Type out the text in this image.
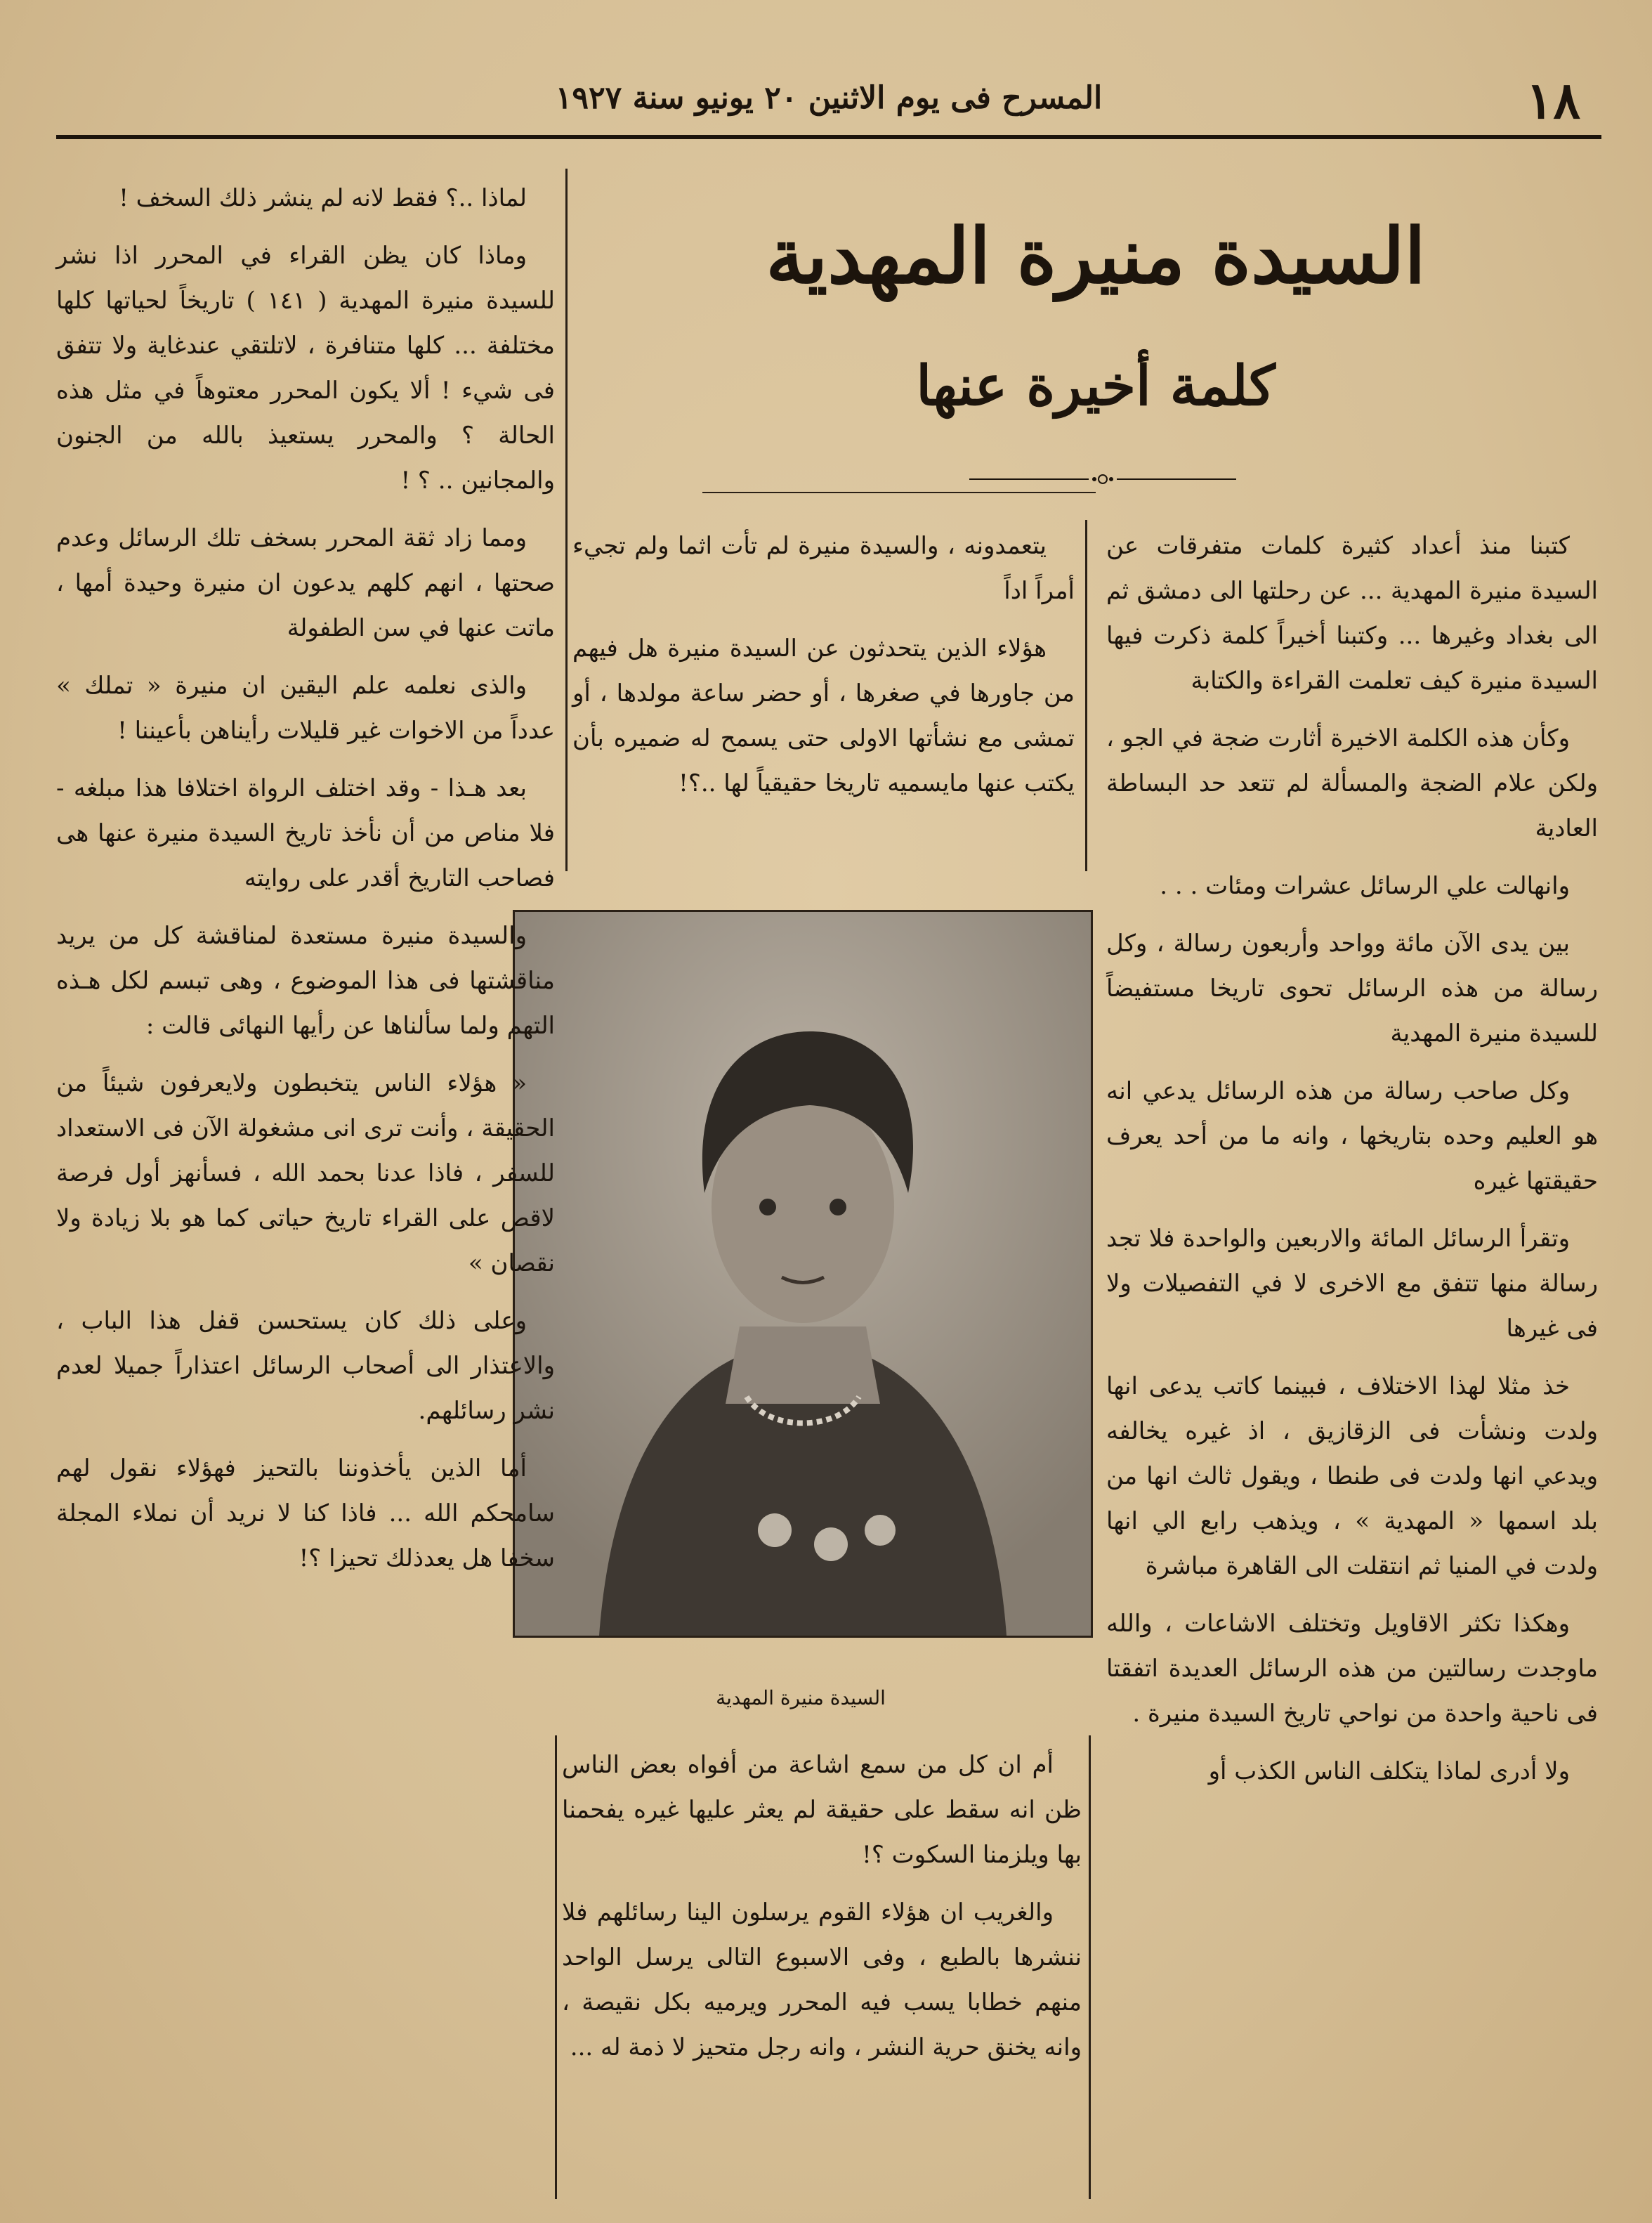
١٨
المسرح فى يوم الاثنين ٢٠ يونيو سنة ١٩٢٧
السيدة منيرة المهدية
كلمة أخيرة عنها

كتبنا منذ أعداد كثيرة كلمات متفرقات عن السيدة منيرة المهدية ... عن رحلتها الى دمشق ثم الى بغداد وغيرها ... وكتبنا أخيراً كلمة ذكرت فيها السيدة منيرة كيف تعلمت القراءة والكتابة

وكأن هذه الكلمة الاخيرة أثارت ضجة في الجو ، ولكن علام الضجة والمسألة لم تتعد حد البساطة العادية

وانهالت علي الرسائل عشرات ومئات . . .

بين يدى الآن مائة وواحد وأربعون رسالة ، وكل رسالة من هذه الرسائل تحوى تاريخا مستفيضاً للسيدة منيرة المهدية

وكل صاحب رسالة من هذه الرسائل يدعي انه هو العليم وحده بتاريخها ، وانه ما من أحد يعرف حقيقتها غيره

وتقرأ الرسائل المائة والاربعين والواحدة فلا تجد رسالة منها تتفق مع الاخرى لا في التفصيلات ولا فى غيرها

خذ مثلا لهذا الاختلاف ، فبينما كاتب يدعى انها ولدت ونشأت فى الزقازيق ، اذ غيره يخالفه ويدعي انها ولدت فى طنطا ، ويقول ثالث انها من بلد اسمها « المهدية » ، ويذهب رابع الي انها ولدت في المنيا ثم انتقلت الى القاهرة مباشرة

وهكذا تكثر الاقاويل وتختلف الاشاعات ، والله ماوجدت رسالتين من هذه الرسائل العديدة اتفقتا فى ناحية واحدة من نواحي تاريخ السيدة منيرة .

ولا أدرى لماذا يتكلف الناس الكذب أو

يتعمدونه ، والسيدة منيرة لم تأت اثما ولم تجيء أمراً اداً

هؤلاء الذين يتحدثون عن السيدة منيرة هل فيهم من جاورها في صغرها ، أو حضر ساعة مولدها ، أو تمشى مع نشأتها الاولى حتى يسمح له ضميره بأن يكتب عنها مايسميه تاريخا حقيقياً لها ..؟!

السيدة منيرة المهدية

أم ان كل من سمع اشاعة من أفواه بعض الناس ظن انه سقط على حقيقة لم يعثر عليها غيره يفحمنا بها ويلزمنا السكوت ؟!

والغريب ان هؤلاء القوم يرسلون الينا رسائلهم فلا ننشرها بالطبع ، وفى الاسبوع التالى يرسل الواحد منهم خطابا يسب فيه المحرر ويرميه بكل نقيصة ، وانه يخنق حرية النشر ، وانه رجل متحيز لا ذمة له ...

لماذا ..؟ فقط لانه لم ينشر ذلك السخف !

وماذا كان يظن القراء في المحرر اذا نشر للسيدة منيرة المهدية ( ١٤١ ) تاريخاً لحياتها كلها مختلفة ... كلها متنافرة ، لاتلتقي عندغاية ولا تتفق فى شيء ! ألا يكون المحرر معتوهاً في مثل هذه الحالة ؟ والمحرر يستعيذ بالله من الجنون والمجانين .. ؟ !

ومما زاد ثقة المحرر بسخف تلك الرسائل وعدم صحتها ، انهم كلهم يدعون ان منيرة وحيدة أمها ، ماتت عنها في سن الطفولة

والذى نعلمه علم اليقين ان منيرة « تملك » عدداً من الاخوات غير قليلات رأيناهن بأعيننا !

بعد هـذا - وقد اختلف الرواة اختلافا هذا مبلغه - فلا مناص من أن نأخذ تاريخ السيدة منيرة عنها هى فصاحب التاريخ أقدر على روايته

والسيدة منيرة مستعدة لمناقشة كل من يريد مناقشتها فى هذا الموضوع ، وهى تبسم لكل هـذه التهم ولما سألناها عن رأيها النهائى قالت :

« هؤلاء الناس يتخبطون ولايعرفون شيئاً من الحقيقة ، وأنت ترى انى مشغولة الآن فى الاستعداد للسفر ، فاذا عدنا بحمد الله ، فسأنهز أول فرصة لاقص على القراء تاريخ حياتى كما هو بلا زيادة ولا نقصان »

وعلى ذلك كان يستحسن قفل هذا الباب ، والاعتذار الى أصحاب الرسائل اعتذاراً جميلا لعدم نشر رسائلهم.

أما الذين يأخذوننا بالتحيز فهؤلاء نقول لهم سامحكم الله ... فاذا كنا لا نريد أن نملاء المجلة سخفا هل يعدذلك تحيزا ؟!
